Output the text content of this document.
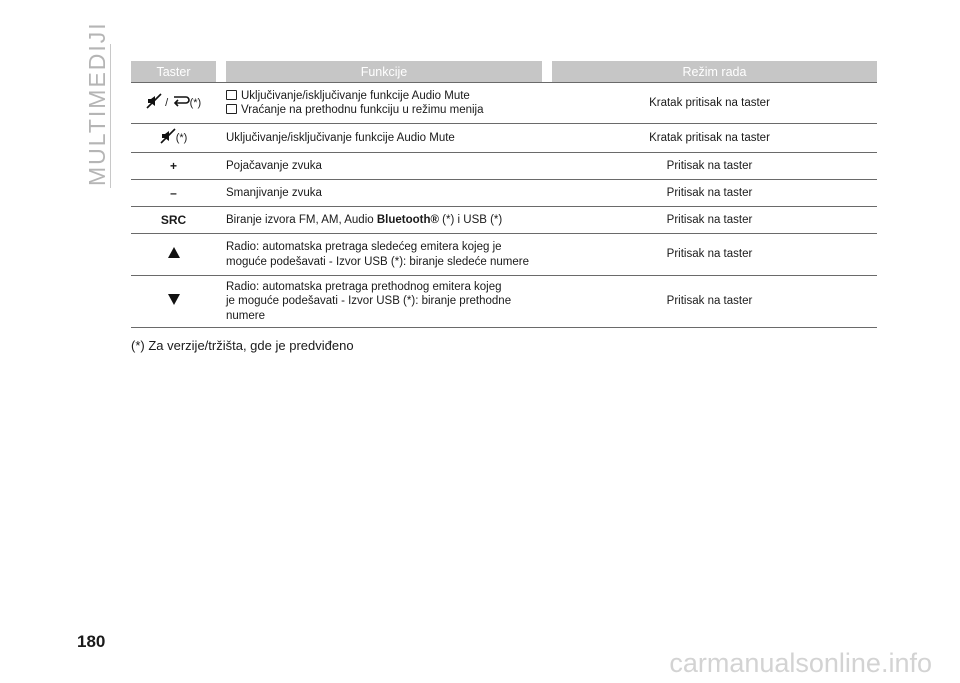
MULTIMEDIJI	Taster		Funkcije		Režim rada
/ (*)	Uključivanje/isključivanje funkcije Audio Mute
Vraćanje na prethodnu funkciju u režimu menija		Kratak pritisak na taster	
(*)	Uključivanje/isključivanje funkcije Audio Mute		Kratak pritisak na taster	
+	Pojačavanje zvuka		Pritisak na taster	
–	Smanjivanje zvuka		Pritisak na taster	
SRC	Biranje izvora FM, AM, Audio Bluetooth® (*) i USB (*)		Pritisak na taster	

	Radio: automatska pretraga sledećeg emitera kojeg je
moguće podešavati - Izvor USB (*): biranje sledeće numere		Pritisak na taster	

	Radio: automatska pretraga prethodnog emitera kojeg
je moguće podešavati - Izvor USB (*): biranje prethodne
numere		Pritisak na taster	
(*) Za verzije/tržišta, gde je predviđeno
180
carmanualsonline.info
